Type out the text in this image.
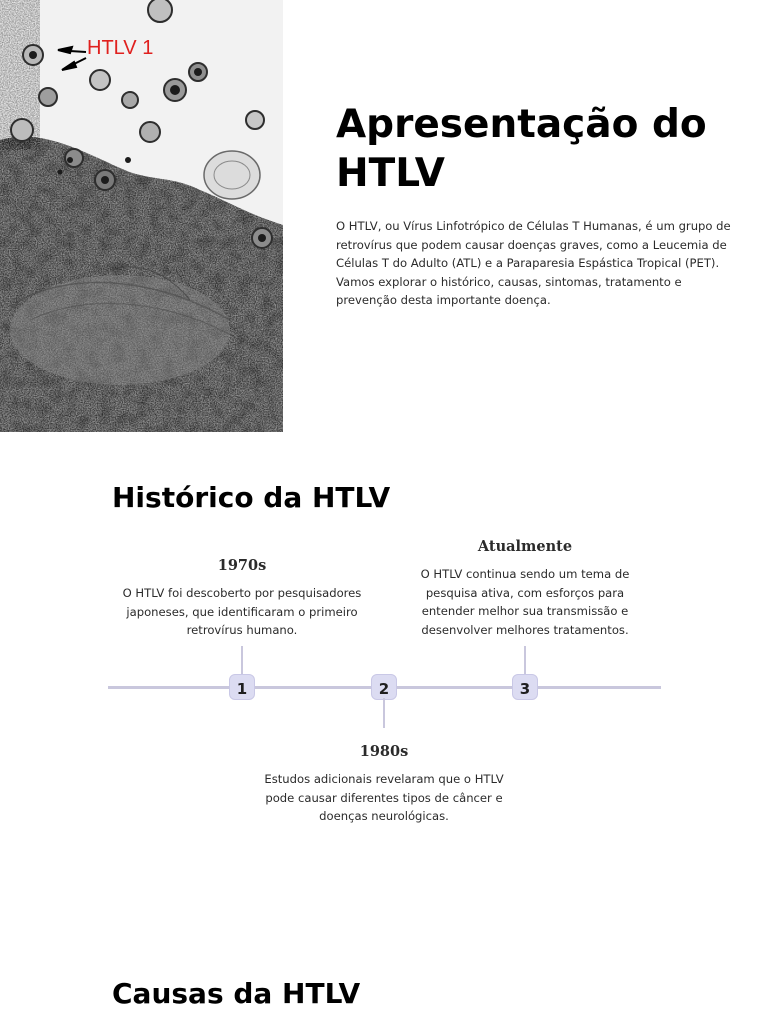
HTLV 1
Apresentação do HTLV

O HTLV, ou Vírus Linfotrópico de Células T Humanas, é um grupo de retrovírus que podem causar doenças graves, como a Leucemia de Células T do Adulto (ATL) e a Paraparesia Espástica Tropical (PET). Vamos explorar o histórico, causas, sintomas, tratamento e prevenção desta importante doença.

Histórico da HTLV
1
1970s

O HTLV foi descoberto por pesquisadores japoneses, que identificaram o primeiro retrovírus humano.

2
1980s

Estudos adicionais revelaram que o HTLV pode causar diferentes tipos de câncer e doenças neurológicas.

3
Atualmente

O HTLV continua sendo um tema de pesquisa ativa, com esforços para entender melhor sua transmissão e desenvolver melhores tratamentos.

Causas da HTLV
